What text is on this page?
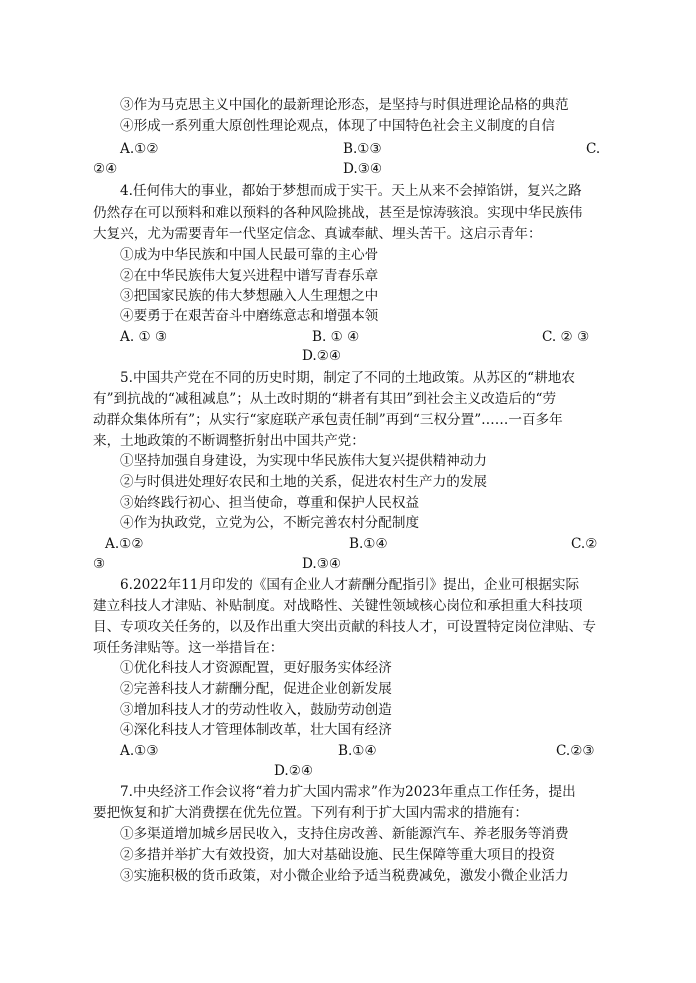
③作为马克思主义中国化的最新理论形态，是坚持与时俱进理论品格的典范
④形成一系列重大原创性理论观点，体现了中国特色社会主义制度的自信
A.①②	B.①③	C.
②④	D.③④
4.任何伟大的事业，都始于梦想而成于实干。天上从来不会掉馅饼，复兴之路
仍然存在可以预料和难以预料的各种风险挑战，甚至是惊涛骇浪。实现中华民族伟
大复兴，尤为需要青年一代坚定信念、真诚奉献、埋头苦干。这启示青年：
①成为中华民族和中国人民最可靠的主心骨
②在中华民族伟大复兴进程中谱写青春乐章
③把国家民族的伟大梦想融入人生理想之中
④要勇于在艰苦奋斗中磨练意志和增强本领
A. ① ③	B. ① ④	C. ② ③
D.②④
5.中国共产党在不同的历史时期，制定了不同的土地政策。从苏区的“耕地农
有”到抗战的“减租减息”；从土改时期的“耕者有其田”到社会主义改造后的“劳
动群众集体所有”；从实行“家庭联产承包责任制”再到“三权分置”……一百多年
来，土地政策的不断调整折射出中国共产党：
①坚持加强自身建设，为实现中华民族伟大复兴提供精神动力
②与时俱进处理好农民和土地的关系，促进农村生产力的发展
③始终践行初心、担当使命，尊重和保护人民权益
④作为执政党，立党为公，不断完善农村分配制度
A.①②	B.①④	C.②
③	D.③④
6.2022年11月印发的《国有企业人才薪酬分配指引》提出，企业可根据实际
建立科技人才津贴、补贴制度。对战略性、关键性领域核心岗位和承担重大科技项
目、专项攻关任务的，以及作出重大突出贡献的科技人才，可设置特定岗位津贴、专
项任务津贴等。这一举措旨在：
①优化科技人才资源配置，更好服务实体经济
②完善科技人才薪酬分配，促进企业创新发展
③增加科技人才的劳动性收入，鼓励劳动创造
④深化科技人才管理体制改革，壮大国有经济
A.①③	B.①④	C.②③
D.②④
7.中央经济工作会议将“着力扩大国内需求”作为2023年重点工作任务，提出
要把恢复和扩大消费摆在优先位置。下列有利于扩大国内需求的措施有：
①多渠道增加城乡居民收入，支持住房改善、新能源汽车、养老服务等消费
②多措并举扩大有效投资，加大对基础设施、民生保障等重大项目的投资
③实施积极的货币政策，对小微企业给予适当税费减免，激发小微企业活力
